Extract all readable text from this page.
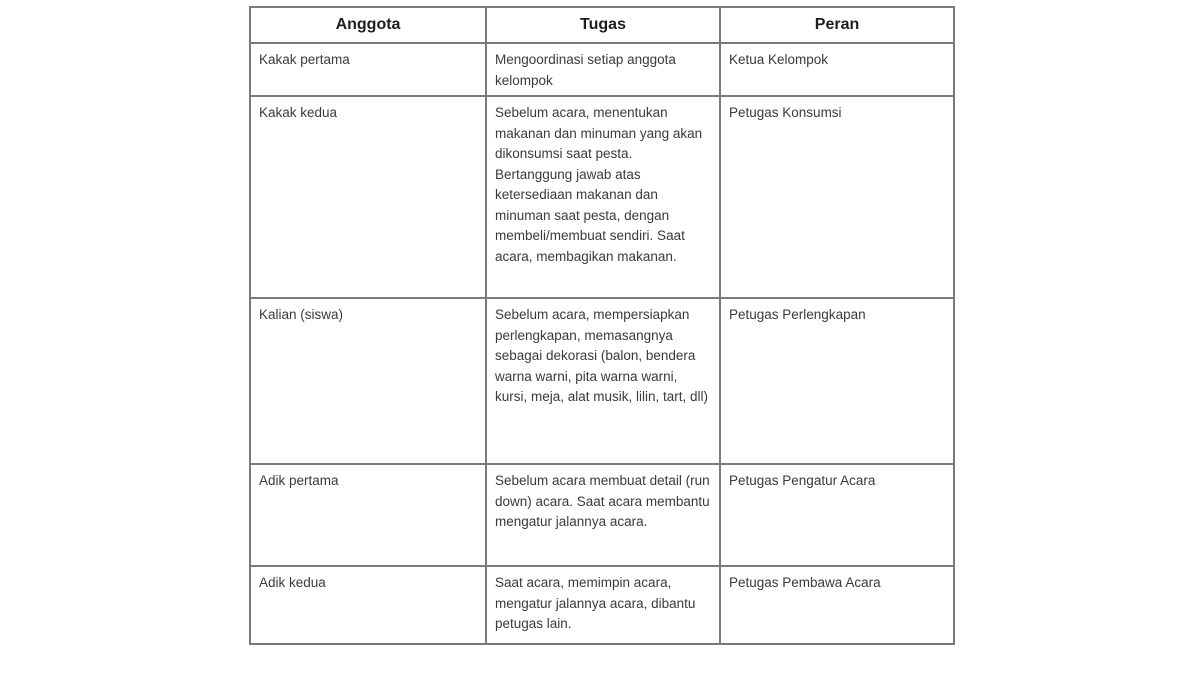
Anggota	Tugas	Peran
Kakak pertama	Mengoordinasi setiap anggota kelompok	Ketua Kelompok
Kakak kedua	Sebelum acara, menentukan makanan dan minuman yang akan dikonsumsi saat pesta. Bertanggung jawab atas ketersediaan makanan dan minuman saat pesta, dengan membeli/membuat sendiri. Saat acara, membagikan makanan.	Petugas Konsumsi
Kalian (siswa)	Sebelum acara, mempersiapkan perlengkapan, memasangnya sebagai dekorasi (balon, bendera warna warni, pita warna warni, kursi, meja, alat musik, lilin, tart, dll)	Petugas Perlengkapan
Adik pertama	Sebelum acara membuat detail (run down) acara. Saat acara membantu mengatur jalannya acara.	Petugas Pengatur Acara
Adik kedua	Saat acara, memimpin acara, mengatur jalannya acara, dibantu petugas lain.	Petugas Pembawa Acara
